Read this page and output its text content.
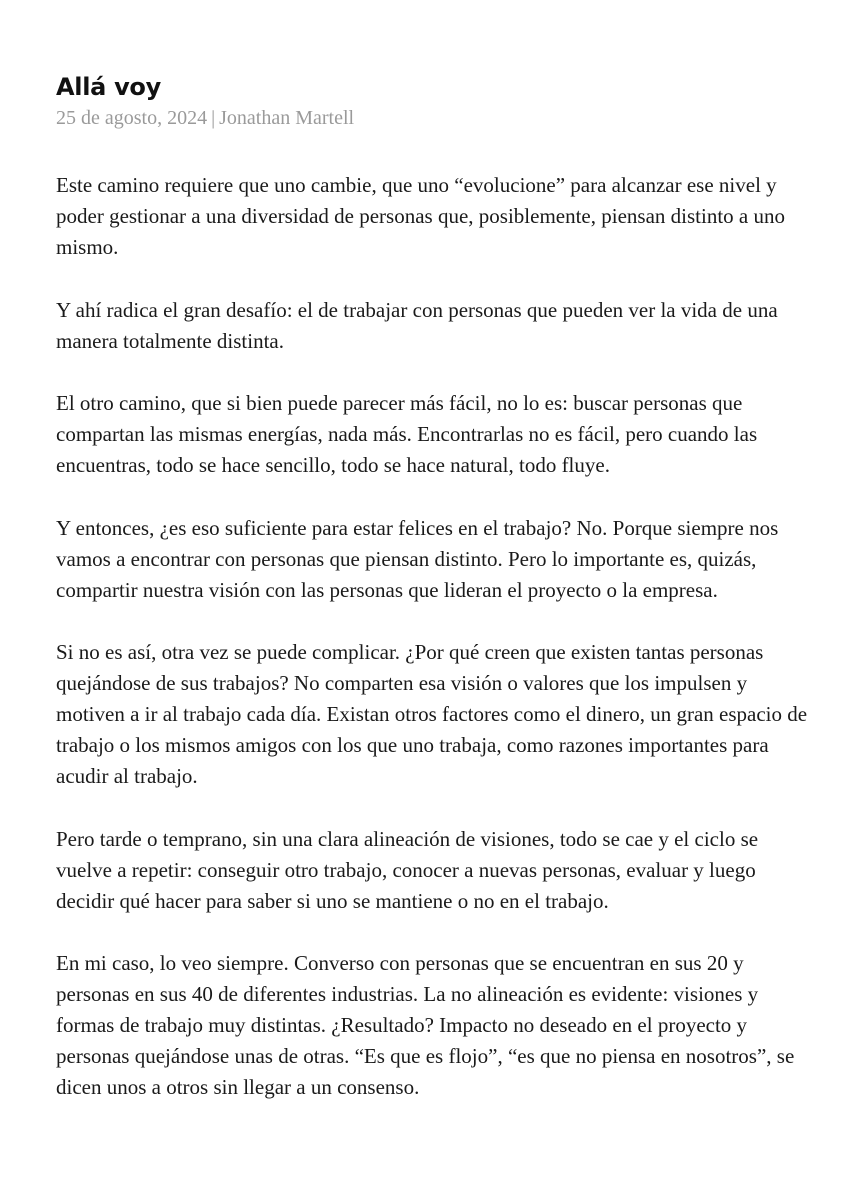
Allá voy
25 de agosto, 2024 | Jonathan Martell

Este camino requiere que uno cambie, que uno “evolucione” para alcanzar ese nivel y poder gestionar a una diversidad de personas que, posiblemente, piensan distinto a uno mismo.

Y ahí radica el gran desafío: el de trabajar con personas que pueden ver la vida de una manera totalmente distinta.

El otro camino, que si bien puede parecer más fácil, no lo es: buscar personas que compartan las mismas energías, nada más. Encontrarlas no es fácil, pero cuando las encuentras, todo se hace sencillo, todo se hace natural, todo fluye.

Y entonces, ¿es eso suficiente para estar felices en el trabajo? No. Porque siempre nos vamos a encontrar con personas que piensan distinto. Pero lo importante es, quizás, compartir nuestra visión con las personas que lideran el proyecto o la empresa.

Si no es así, otra vez se puede complicar. ¿Por qué creen que existen tantas personas quejándose de sus trabajos? No comparten esa visión o valores que los impulsen y motiven a ir al trabajo cada día. Existan otros factores como el dinero, un gran espacio de trabajo o los mismos amigos con los que uno trabaja, como razones importantes para acudir al trabajo.

Pero tarde o temprano, sin una clara alineación de visiones, todo se cae y el ciclo se vuelve a repetir: conseguir otro trabajo, conocer a nuevas personas, evaluar y luego decidir qué hacer para saber si uno se mantiene o no en el trabajo.

En mi caso, lo veo siempre. Converso con personas que se encuentran en sus 20 y personas en sus 40 de diferentes industrias. La no alineación es evidente: visiones y formas de trabajo muy distintas. ¿Resultado? Impacto no deseado en el proyecto y personas quejándose unas de otras. “Es que es flojo”, “es que no piensa en nosotros”, se dicen unos a otros sin llegar a un consenso.
